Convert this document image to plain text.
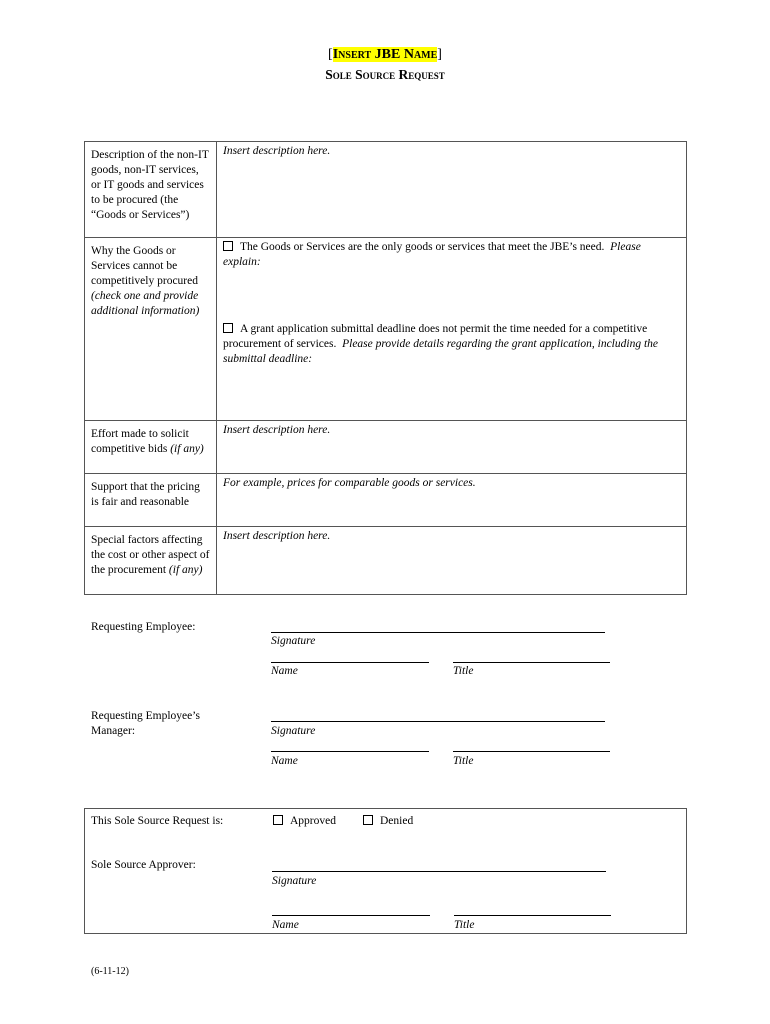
[Insert JBE Name]
Sole Source Request
Description of the non-IT goods, non-IT services, or IT goods and services to be procured (the “Goods or Services”)	Insert description here.
Why the Goods or Services cannot be competitively procured (check one and provide additional information)	The Goods or Services are the only goods or services that meet the JBE’s need. Please explain:
A grant application submittal deadline does not permit the time needed for a competitive procurement of services. Please provide details regarding the grant application, including the submittal deadline:

Effort made to solicit competitive bids (if any)	Insert description here.
Support that the pricing is fair and reasonable	For example, prices for comparable goods or services.
Special factors affecting the cost or other aspect of the procurement (if any)	Insert description here.
Requesting Employee:
Signature
Name	Title
Requesting Employee’s Manager:	Signature
Name	Title
This Sole Source Request is:	Approved	Denied
Sole Source Approver:
Signature
Name	Title
(6-11-12)
